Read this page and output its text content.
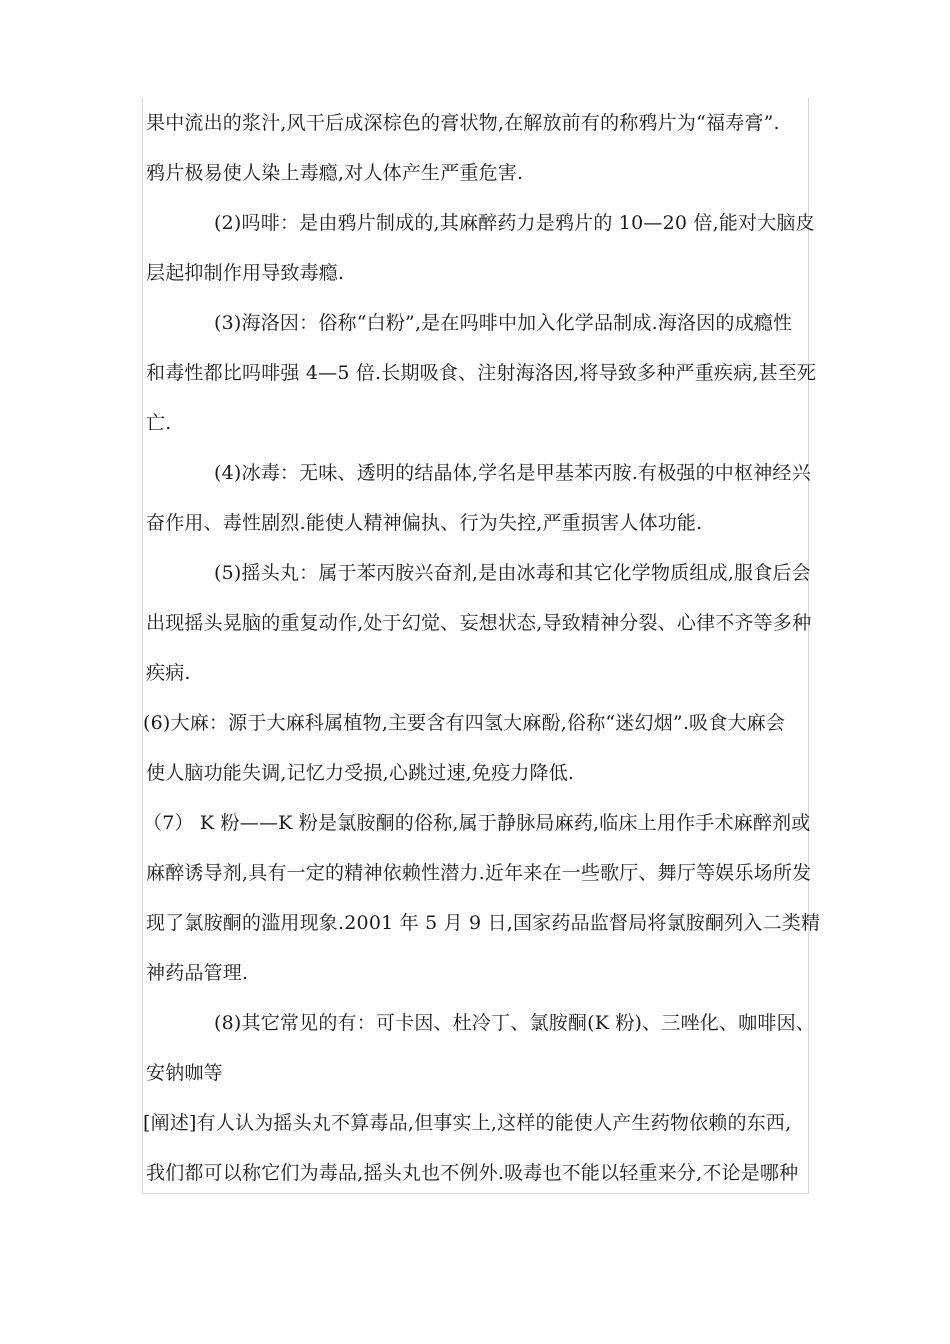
果中流出的浆汁,风干后成深棕色的膏状物,在解放前有的称鸦片为“福寿膏”.
鸦片极易使人染上毒瘾,对人体产生严重危害.
(2)吗啡：是由鸦片制成的,其麻醉药力是鸦片的 10—20 倍,能对大脑皮
层起抑制作用导致毒瘾.
(3)海洛因：俗称“白粉”,是在吗啡中加入化学品制成.海洛因的成瘾性
和毒性都比吗啡强 4—5 倍.长期吸食、注射海洛因,将导致多种严重疾病,甚至死
亡.
(4)冰毒：无味、透明的结晶体,学名是甲基苯丙胺.有极强的中枢神经兴
奋作用、毒性剧烈.能使人精神偏执、行为失控,严重损害人体功能.
(5)摇头丸：属于苯丙胺兴奋剂,是由冰毒和其它化学物质组成,服食后会
出现摇头晃脑的重复动作,处于幻觉、妄想状态,导致精神分裂、心律不齐等多种
疾病.
(6)大麻：源于大麻科属植物,主要含有四氢大麻酚,俗称“迷幻烟”.吸食大麻会
使人脑功能失调,记忆力受损,心跳过速,免疫力降低.
（7） K 粉——K 粉是氯胺酮的俗称,属于静脉局麻药,临床上用作手术麻醉剂或
麻醉诱导剂,具有一定的精神依赖性潜力.近年来在一些歌厅、舞厅等娱乐场所发
现了氯胺酮的滥用现象.2001 年 5 月 9 日,国家药品监督局将氯胺酮列入二类精
神药品管理.
(8)其它常见的有：可卡因、杜冷丁、氯胺酮(K 粉)、三唑化、咖啡因、
安钠咖等
[阐述]有人认为摇头丸不算毒品,但事实上,这样的能使人产生药物依赖的东西,
我们都可以称它们为毒品,摇头丸也不例外.吸毒也不能以轻重来分,不论是哪种
